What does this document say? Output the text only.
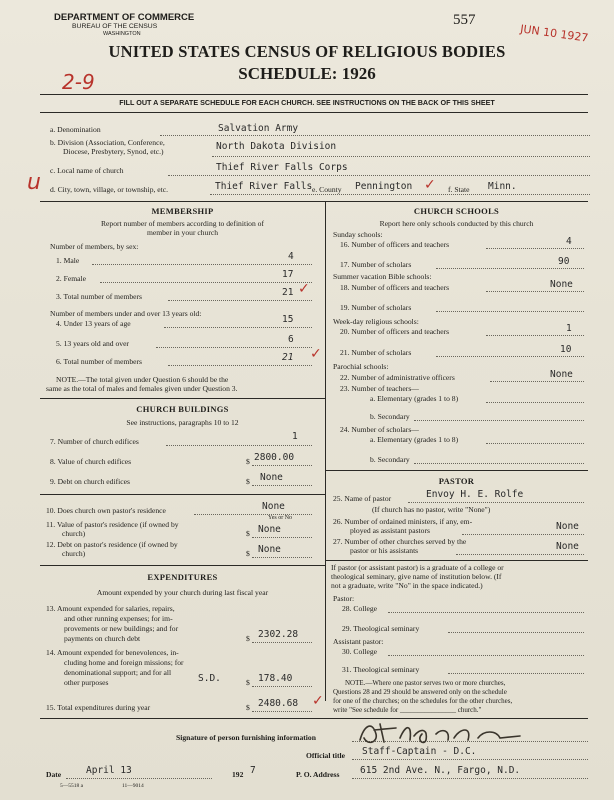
DEPARTMENT OF COMMERCE
BUREAU OF THE CENSUS
WASHINGTON
557
JUN 10 1927
UNITED STATES CENSUS OF RELIGIOUS BODIES
SCHEDULE: 1926
2-9
FILL OUT A SEPARATE SCHEDULE FOR EACH CHURCH. SEE INSTRUCTIONS ON THE BACK OF THIS SHEET
a. Denomination	Salvation Army
b. Division (Association, Conference,
Diocese, Presbytery, Synod, etc.)	North Dakota Division
c. Local name of church	Thief River Falls Corps
u d. City, town, village, or township, etc.	Thief River Falls e. County Pennington ✓ f. State Minn.
MEMBERSHIP
Report number of members according to definition of
member in your church
Number of members, by sex:
1. Male	4
2. Female	17
3. Total number of members	21 ✓
Number of members under and over 13 years old:
4. Under 13 years of age	15
5. 13 years old and over	6
6. Total number of members	21 ✓
NOTE.—The total given under Question 6 should be the
same as the total of males and females given under Question 3.
CHURCH BUILDINGS
See instructions, paragraphs 10 to 12
7. Number of church edifices	1
8. Value of church edifices	$ 2800.00
9. Debt on church edifices	$ None
10. Does church own pastor's residence	None
Yes or No
11. Value of pastor's residence (if owned by
church)	$ None
12. Debt on pastor's residence (if owned by
church)	$ None
EXPENDITURES
Amount expended by your church during last fiscal year
13. Amount expended for salaries, repairs,
and other running expenses; for im-
provements or new buildings; and for
payments on church debt	$ 2302.28
14. Amount expended for benevolences, in-
cluding home and foreign missions; for
denominational support; and for all
other purposes	S.D.	$ 178.40
15. Total expenditures during year	$ 2480.68 ✓
CHURCH SCHOOLS
Report here only schools conducted by this church
Sunday schools:
16. Number of officers and teachers	4
17. Number of scholars	90
Summer vacation Bible schools:
18. Number of officers and teachers	None
19. Number of scholars
Week-day religious schools:
20. Number of officers and teachers	1
21. Number of scholars	10
Parochial schools:
22. Number of administrative officers	None
23. Number of teachers—
a. Elementary (grades 1 to 8)
b. Secondary
24. Number of scholars—
a. Elementary (grades 1 to 8)
b. Secondary
PASTOR
25. Name of pastor	Envoy H. E. Rolfe
(If church has no pastor, write "None")
26. Number of ordained ministers, if any, em-
ployed as assistant pastors	None
27. Number of other churches served by the
pastor or his assistants	None
If pastor (or assistant pastor) is a graduate of a college or
theological seminary, give name of institution below. (If
not a graduate, write "No" in the space indicated.)
Pastor:
28. College
29. Theological seminary
Assistant pastor:
30. College
31. Theological seminary
NOTE.—Where one pastor serves two or more churches,
Questions 28 and 29 should be answered only on the schedule
for one of the churches; on the schedules for the other churches,
write "See schedule for ________________ church."
Signature of person furnishing information
Official title Staff-Captain - D.C.
Date	April 13	192 7	P. O. Address 615 2nd Ave. N., Fargo, N.D.
5—5518 a	11—9014
